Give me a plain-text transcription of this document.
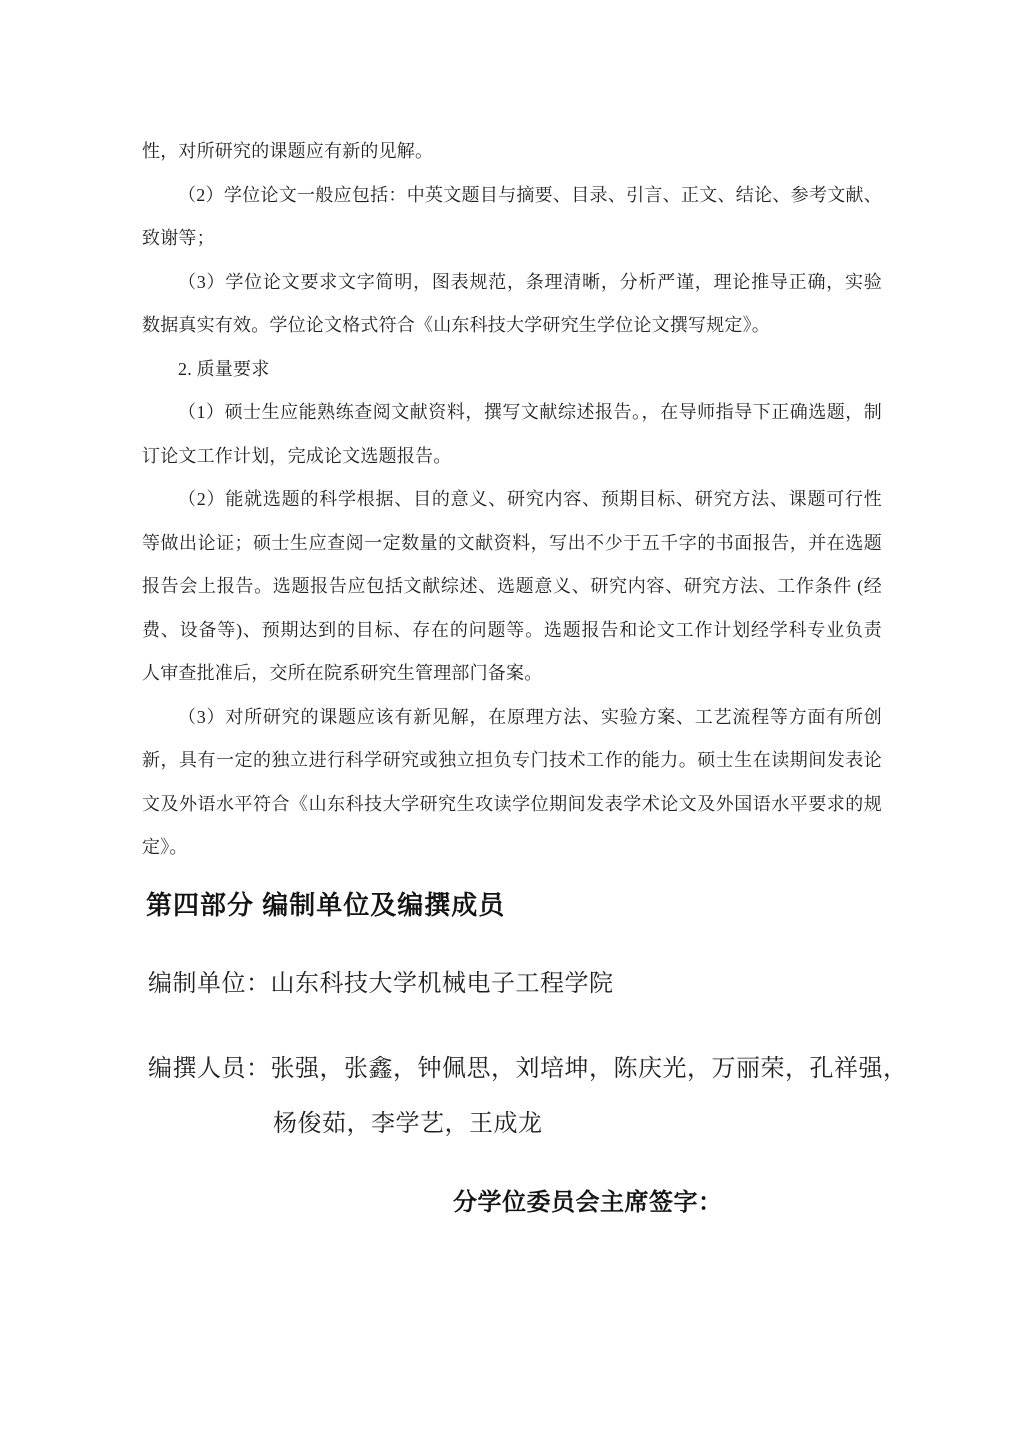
性，对所研究的课题应有新的见解。
（2）学位论文一般应包括：中英文题目与摘要、目录、引言、正文、结论、参考文献、
致谢等；
（3）学位论文要求文字简明，图表规范，条理清晰，分析严谨，理论推导正确，实验
数据真实有效。学位论文格式符合《山东科技大学研究生学位论文撰写规定》。
2. 质量要求
（1）硕士生应能熟练查阅文献资料，撰写文献综述报告。，在导师指导下正确选题，制
订论文工作计划，完成论文选题报告。
（2）能就选题的科学根据、目的意义、研究内容、预期目标、研究方法、课题可行性
等做出论证；硕士生应查阅一定数量的文献资料，写出不少于五千字的书面报告，并在选题
报告会上报告。选题报告应包括文献综述、选题意义、研究内容、研究方法、工作条件 (经
费、设备等)、预期达到的目标、存在的问题等。选题报告和论文工作计划经学科专业负责
人审查批准后，交所在院系研究生管理部门备案。
（3）对所研究的课题应该有新见解，在原理方法、实验方案、工艺流程等方面有所创
新，具有一定的独立进行科学研究或独立担负专门技术工作的能力。硕士生在读期间发表论
文及外语水平符合《山东科技大学研究生攻读学位期间发表学术论文及外国语水平要求的规
定》。
第四部分 编制单位及编撰成员
编制单位：山东科技大学机械电子工程学院
编撰人员：张强，张鑫，钟佩思，刘培坤，陈庆光，万丽荣，孔祥强，
杨俊茹，李学艺，王成龙
分学位委员会主席签字：
